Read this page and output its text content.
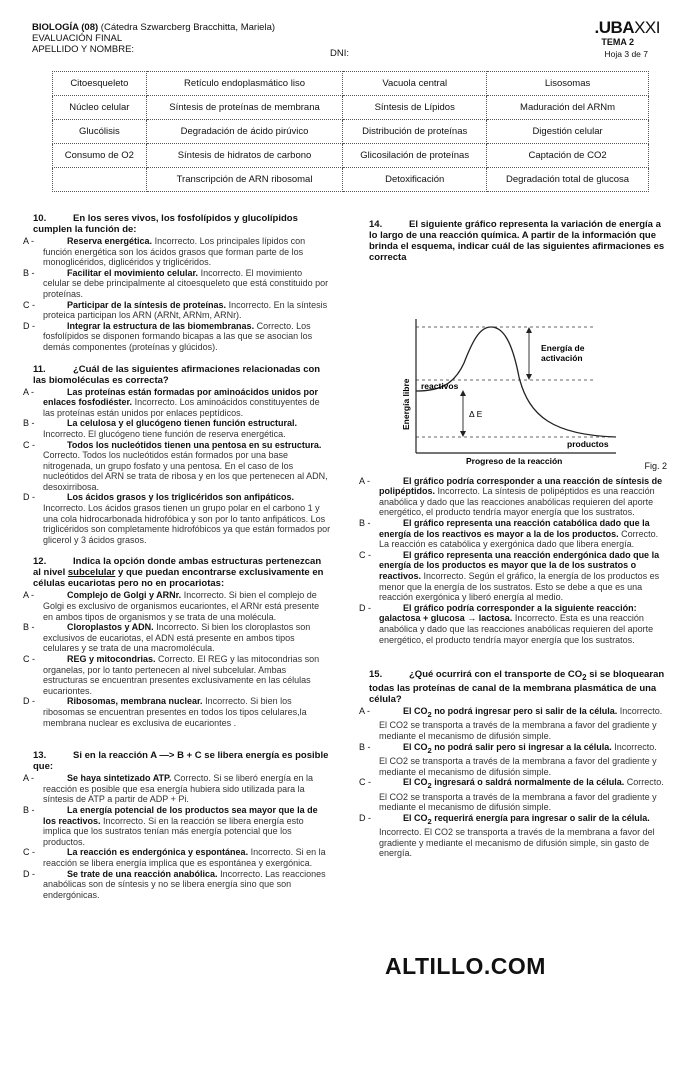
BIOLOGÍA (08) (Cátedra Szwarcberg Bracchitta, Mariela)
EVALUACIÓN FINAL
APELLIDO Y NOMBRE:	DNI:
.UBAXXI
TEMA 2
Hoja 3 de 7
Citoesqueleto	Retículo endoplasmático liso	Vacuola central	Lisosomas
Núcleo celular	Síntesis de proteínas de membrana	Síntesis de Lípidos	Maduración del ARNm
Glucólisis	Degradación de ácido pirúvico	Distribución de proteínas	Digestión celular
Consumo de O2	Síntesis de hidratos de carbono	Glicosilación de proteínas	Captación de CO2
	Transcripción de ARN ribosomal	Detoxificación	Degradación total de glucosa
10.	En los seres vivos, los fosfolípidos y glucolípidos cumplen la función de:
A -	Reserva energética. Incorrecto. Los principales lípidos con función energética son los ácidos grasos que forman parte de los monoglicéridos, diglicéridos y triglicéridos.
B -	Facilitar el movimiento celular. Incorrecto. El movimiento celular se debe principalmente al citoesqueleto que está constituido por proteínas.
C -	Participar de la síntesis de proteínas. Incorrecto. En la síntesis proteica participan los ARN (ARNt, ARNm, ARNr).
D -	Integrar la estructura de las biomembranas. Correcto. Los fosfolípidos se disponen formando bicapas a las que se asocian los demás componentes (proteínas y glúcidos).
11.	¿Cuál de las siguientes afirmaciones relacionadas con las biomoléculas es correcta?
A -	Las proteínas están formadas por aminoácidos unidos por enlaces fosfodiéster. Incorrecto. Los aminoácidos constituyentes de las proteínas están unidos por enlaces peptídicos.
B -	La celulosa y el glucógeno tienen función estructural. Incorrecto. El glucógeno tiene función de reserva energética.
C -	Todos los nucleótidos tienen una pentosa en su estructura. Correcto. Todos los nucleótidos están formados por una base nitrogenada, un grupo fosfato y una pentosa. En el caso de los nucleótidos del ARN se trata de ribosa y en los que pertenecen al ADN, desoxirribosa.
D -	Los ácidos grasos y los triglicéridos son anfipáticos. Incorrecto. Los ácidos grasos tienen un grupo polar en el carbono 1 y una cola hidrocarbonada hidrofóbica y son por lo tanto anfipáticos. Los triglicéridos son completamente hidrofóbicos ya que están formados por glicerol y 3 ácidos grasos.
12.	Indica la opción donde ambas estructuras pertenezcan al nivel subcelular y que puedan encontrarse exclusivamente en células eucariotas pero no en procariotas:
A -	Complejo de Golgi y ARNr. Incorrecto. Si bien el complejo de Golgi es exclusivo de organismos eucariontes, el ARNr está presente en ambos tipos de organismos y se trata de una molécula.
B -	Cloroplastos y ADN. Incorrecto. Si bien los cloroplastos son exclusivos de eucariotas, el ADN está presente en ambos tipos celulares y se trata de una macromolécula.
C -	REG y mitocondrias. Correcto. El REG y las mitocondrias son organelas, por lo tanto pertenecen al nivel subcelular. Ambas estructuras se encuentran presentes exclusivamente en las células eucariontes.
D -	Ribosomas, membrana nuclear. Incorrecto. Si bien los ribosomas se encuentran presentes en todos los tipos celulares,la membrana nuclear es exclusiva de eucariontes .
13.	Si en la reacción A —> B + C se libera energía es posible que:
A -	Se haya sintetizado ATP. Correcto. Si se liberó energía en la reacción es posible que esa energía hubiera sido utilizada para la síntesis de ATP a partir de ADP + Pi.
B -	La energía potencial de los productos sea mayor que la de los reactivos. Incorrecto. Si en la reacción se libera energía esto implica que los sustratos tenían más energía potencial que los productos.
C -	La reacción es endergónica y espontánea. Incorrecto. Si en la reacción se libera energía implica que es espontánea y exergónica.
D -	Se trate de una reacción anabólica. Incorrecto. Las reacciones anabólicas son de síntesis y no se libera energía sino que son endergónicas.
14.	El siguiente gráfico representa la variación de energía a lo largo de una reacción química. A partir de la información que brinda el esquema, indicar cuál de las siguientes afirmaciones es correcta
Energía de activación
reactivos
Δ E
productos
Progreso de la reacción
Energía libre
Fig. 2
A -	El gráfico podría corresponder a una reacción de síntesis de polipéptidos. Incorrecto. La síntesis de polipéptidos es una reacción anabólica y dado que las reacciones anabólicas requieren del aporte energético, el producto tendría mayor energía que los sustratos.
B -	El gráfico representa una reacción catabólica dado que la energía de los reactivos es mayor a la de los productos. Correcto. La reacción es catabólica y exergónica dado que libera energía.
C -	El gráfico representa una reacción endergónica dado que la energía de los productos es mayor que la de los sustratos o reactivos. Incorrecto. Según el gráfico, la energía de los productos es menor que la energía de los sustratos. Esto se debe a que es una reacción exergónica y liberó energía al medio.
D -	El gráfico podría corresponder a la siguiente reacción: galactosa + glucosa → lactosa. Incorrecto. Esta es una reacción anabólica y dado que las reacciones anabólicas requieren del aporte energético, el producto tendría mayor energía que los sustratos.
15.	¿Qué ocurrirá con el transporte de $CO_2$ si se bloquearan todas las proteínas de canal de la membrana plasmática de una célula?
A -	El $CO_2$ no podrá ingresar pero si salir de la célula. Incorrecto. El CO2 se transporta a través de la membrana a favor del gradiente y mediante el mecanismo de difusión simple.
B -	El $CO_2$ no podrá salir pero si ingresar a la célula. Incorrecto. El CO2 se transporta a través de la membrana a favor del gradiente y mediante el mecanismo de difusión simple.
C -	El $CO_2$ ingresará o saldrá normalmente de la célula. Correcto. El CO2 se transporta a través de la membrana a favor del gradiente y mediante el mecanismo de difusión simple.
D -	El $CO_2$ requerirá energía para ingresar o salir de la célula. Incorrecto. El CO2 se transporta a través de la membrana a favor del gradiente y mediante el mecanismo de difusión simple, sin gasto de energía.
ALTILLO.COM
